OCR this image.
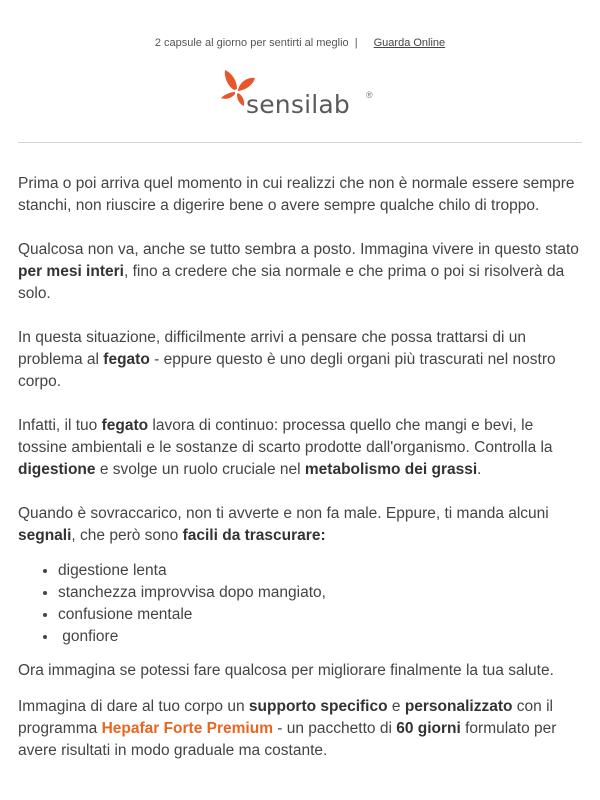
2 capsule al giorno per sentirti al meglio | Guarda Online
sensilab ®

Prima o poi arriva quel momento in cui realizzi che non è normale essere sempre stanchi, non riuscire a digerire bene o avere sempre qualche chilo di troppo.

Qualcosa non va, anche se tutto sembra a posto. Immagina vivere in questo stato per mesi interi, fino a credere che sia normale e che prima o poi si risolverà da solo.

In questa situazione, difficilmente arrivi a pensare che possa trattarsi di un problema al fegato - eppure questo è uno degli organi più trascurati nel nostro corpo.

Infatti, il tuo fegato lavora di continuo: processa quello che mangi e bevi, le tossine ambientali e le sostanze di scarto prodotte dall'organismo. Controlla la digestione e svolge un ruolo cruciale nel metabolismo dei grassi.

Quando è sovraccarico, non ti avverte e non fa male. Eppure, ti manda alcuni segnali, che però sono facili da trascurare:

• digestione lenta
• stanchezza improvvisa dopo mangiato,
• confusione mentale
•  gonfiore

Ora immagina se potessi fare qualcosa per migliorare finalmente la tua salute.

Immagina di dare al tuo corpo un supporto specifico e personalizzato con il programma Hepafar Forte Premium - un pacchetto di 60 giorni formulato per avere risultati in modo graduale ma costante.
